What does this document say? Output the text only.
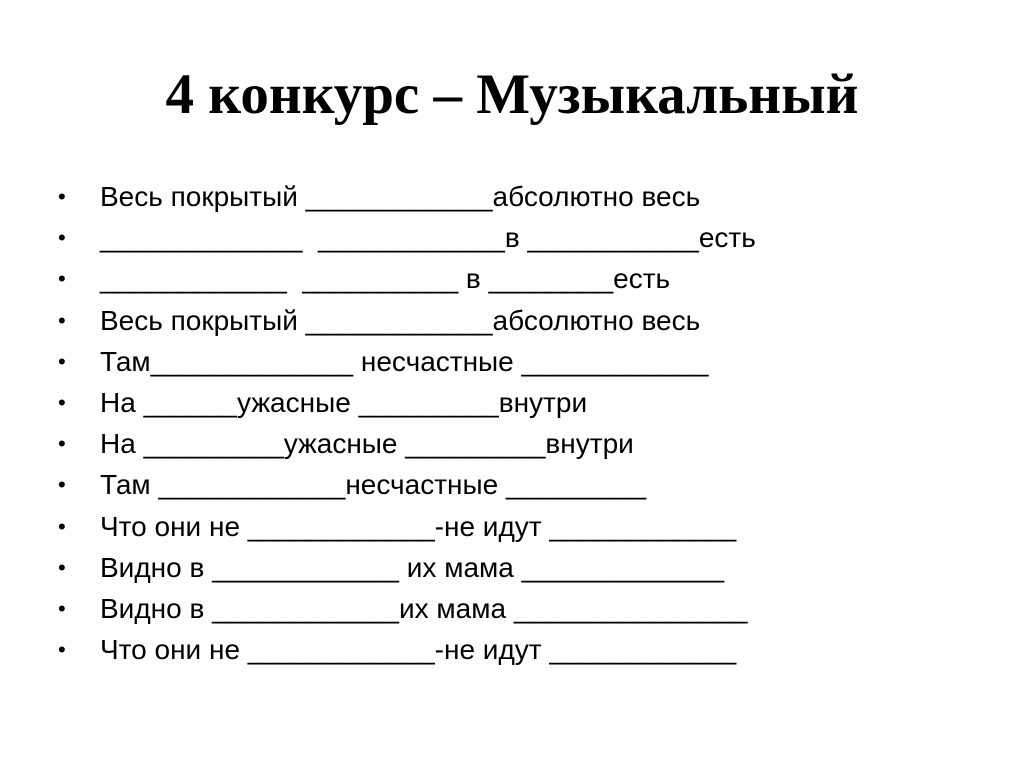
4 конкурс – Музыкальный
• Весь покрытый ____________абсолютно весь
• _____________  ____________в ___________есть
• ____________  __________ в ________есть
• Весь покрытый ____________абсолютно весь
• Там_____________ несчастные ____________
• На ______ужасные _________внутри
• На _________ужасные _________внутри
• Там ____________несчастные _________
• Что они не ____________-не идут ____________
• Видно в ____________ их мама _____________
• Видно в ____________их мама _______________
• Что они не ____________-не идут ____________
